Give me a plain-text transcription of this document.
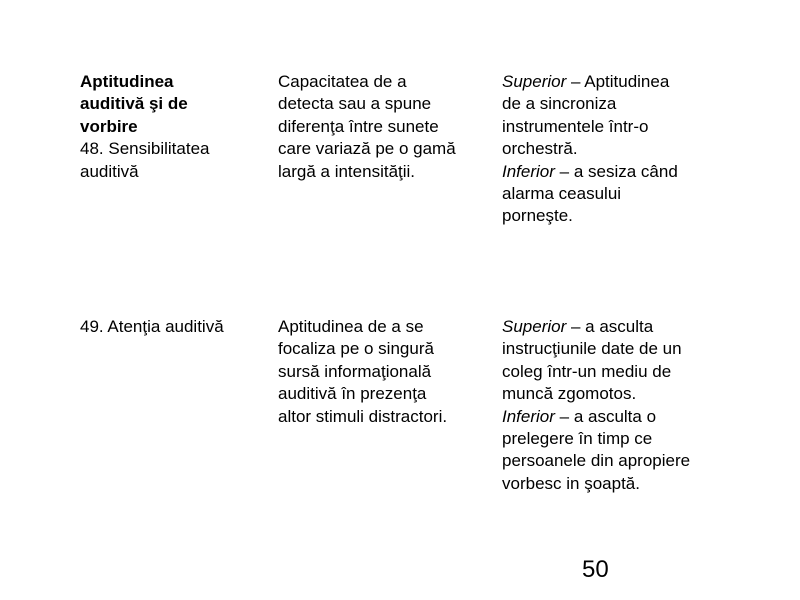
Aptitudinea
auditivă şi de
vorbire
48. Sensibilitatea
auditivă
Capacitatea de a
detecta sau a spune
diferenţa între sunete
care variază pe o gamă
largă a intensităţii.
Superior – Aptitudinea
de a sincroniza
instrumentele într-o
orchestră.
Inferior – a sesiza când
alarma ceasului
porneşte.
49. Atenţia auditivă	Aptitudinea de a se
focaliza pe o singură
sursă informaţională
auditivă în prezenţa
altor stimuli distractori.
Superior – a asculta
instrucţiunile date de un
coleg într-un mediu de
muncă zgomotos.
Inferior – a asculta o
prelegere în timp ce
persoanele din apropiere
vorbesc in şoaptă.
50
